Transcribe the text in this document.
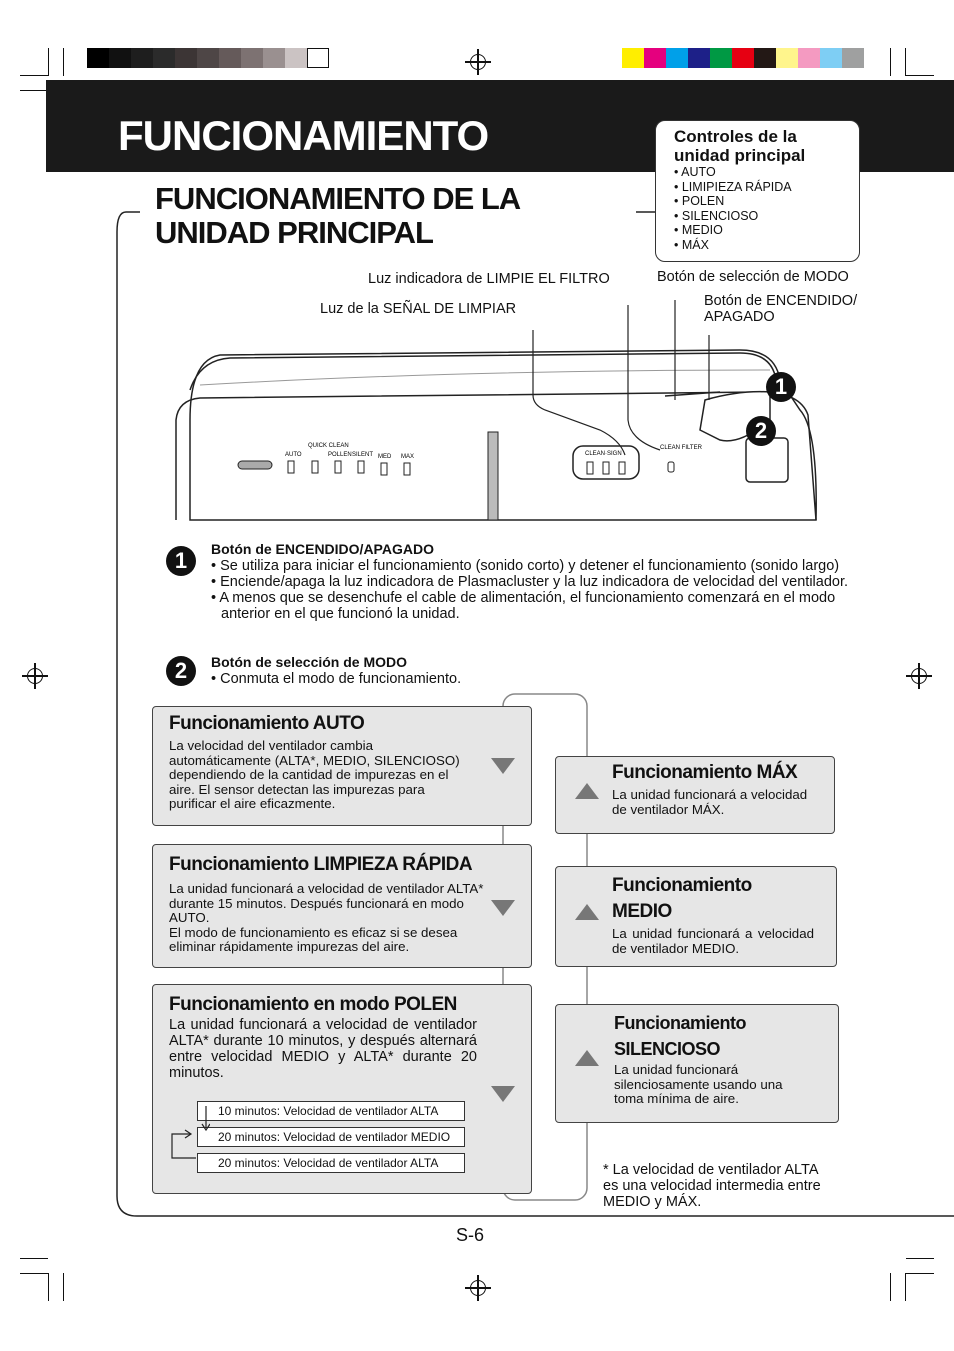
FUNCIONAMIENTO
FUNCIONAMIENTO DE LA UNIDAD PRINCIPAL
Controles de la unidad principal
• AUTO
• LIMIPIEZA RÁPIDA
• POLEN
• SILENCIOSO
• MEDIO
• MÁX
Luz indicadora de LIMPIE EL FILTRO
Luz de la SEÑAL DE LIMPIAR
Botón de selección de MODO
Botón de ENCENDIDO/ APAGADO
AUTO
QUICK CLEAN
POLLEN SILENT MED MAX	CLEAN·SIGN
CLEAN FILTER
1
2
1	Botón de ENCENDIDO/APAGADO
• Se utiliza para iniciar el funcionamiento (sonido corto) y detener el funcionamiento (sonido largo)
• Enciende/apaga la luz indicadora de Plasmacluster y la luz indicadora de velocidad del ventilador.
• A menos que se desenchufe el cable de alimentación, el funcionamiento comenzará en el modo anterior en el que funcionó la unidad.
2	Botón de selección de MODO
• Conmuta el modo de funcionamiento.
Funcionamiento AUTO
La velocidad del ventilador cambia automáticamente (ALTA*, MEDIO, SILENCIOSO) dependiendo de la cantidad de impurezas en el aire. El sensor detectan las impurezas para purificar el aire eficazmente.
Funcionamiento LIMPIEZA RÁPIDA
La unidad funcionará a velocidad de ventilador ALTA* durante 15 minutos. Después funcionará en modo AUTO.
El modo de funcionamiento es eficaz si se desea eliminar rápidamente impurezas del aire.
Funcionamiento en modo POLEN
La unidad funcionará a velocidad de ventilador ALTA* durante 10 minutos, y después alternará entre velocidad MEDIO y ALTA* durante 20 minutos.
10 minutos: Velocidad de ventilador ALTA
20 minutos: Velocidad de ventilador MEDIO
20 minutos: Velocidad de ventilador ALTA
Funcionamiento MÁX
La unidad funcionará a velocidad de ventilador MÁX.
Funcionamiento MEDIO
La unidad funcionará a velocidad de ventilador MEDIO.
Funcionamiento SILENCIOSO
La unidad funcionará silenciosamente usando una toma mínima de aire.
* La velocidad de ventilador ALTA es una velocidad intermedia entre MEDIO y MÁX.
S-6
